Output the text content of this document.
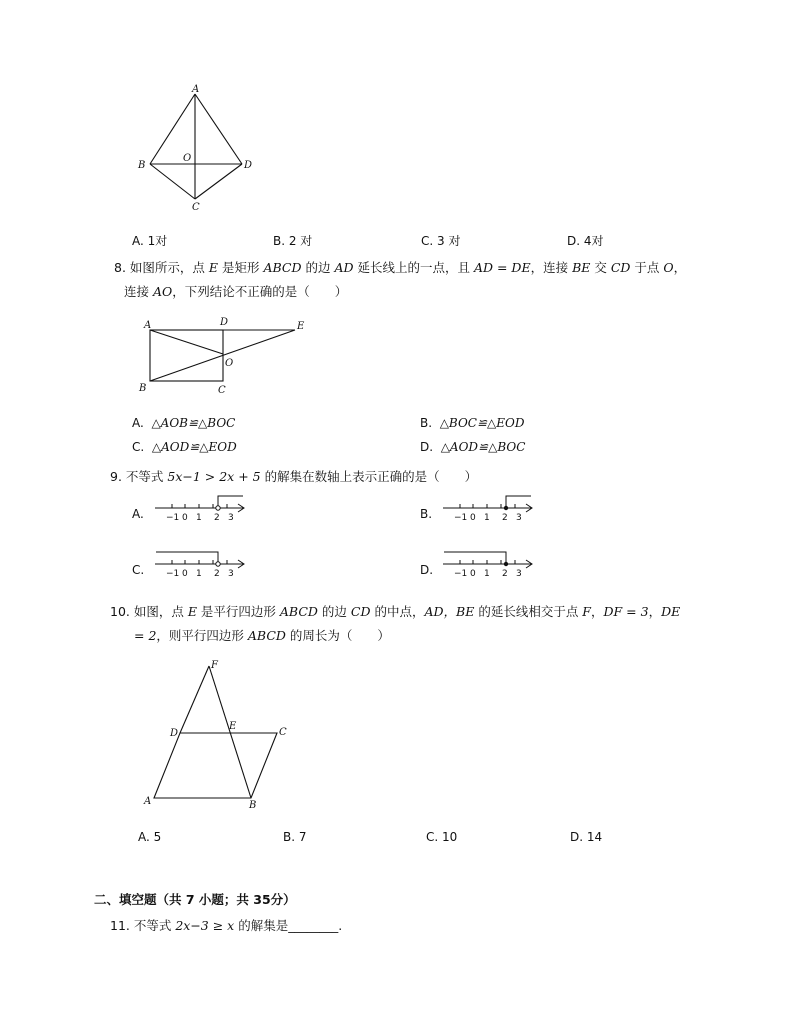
A
B
O
D
C
A. 1对	B. 2 对	C. 3 对	D. 4对
8. 如图所示，点 E 是矩形 ABCD 的边 AD 延长线上的一点，且 AD = DE，连接 BE 交 CD 于点 O，
连接 AO，下列结论不正确的是（　　）
A	D	E
O
B	C
A. △AOB≌△BOC	B. △BOC≌△EOD
C. △AOD≌△EOD	D. △AOD≌△BOC
9. 不等式 5x−1 > 2x + 5 的解集在数轴上表示正确的是（　　）
A.	B.
C.	D.
−1 0 1 2 3	−1 0 1 2 3
−1 0 1 2 3	−1 0 1 2 3
10. 如图，点 E 是平行四边形 ABCD 的边 CD 的中点，AD，BE 的延长线相交于点 F，DF = 3，DE
= 2，则平行四边形 ABCD 的周长为（　　）
F
D
E
C
A	B
A. 5	B. 7	C. 10	D. 14
二、填空题（共 7 小题；共 35分）
11. 不等式 2x−3 ≥ x 的解集是________.
